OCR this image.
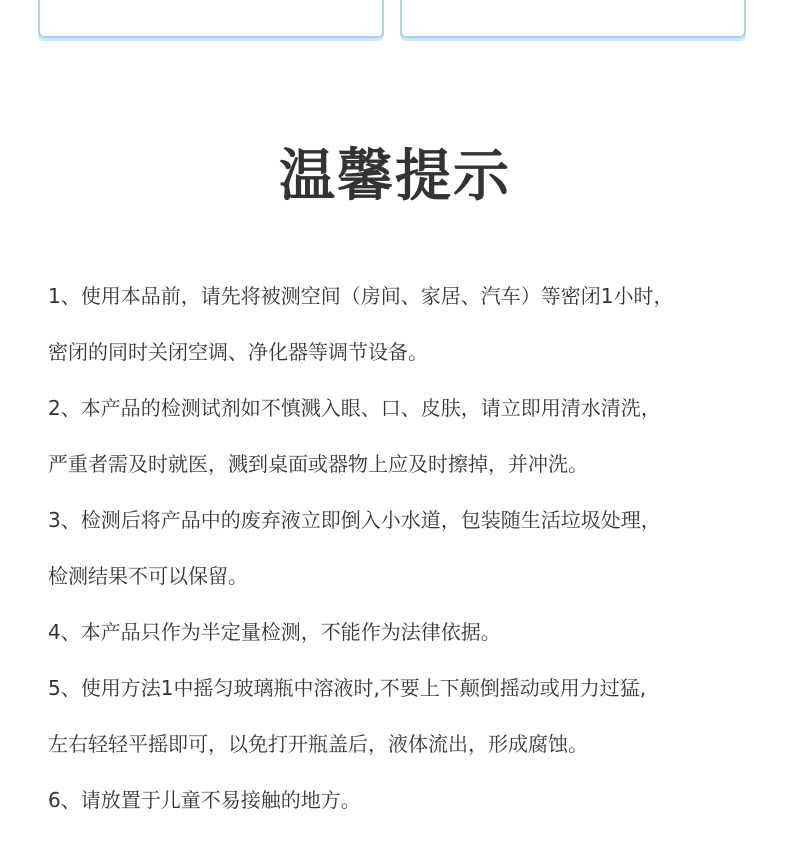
温馨提示
1、使用本品前，请先将被测空间（房间、家居、汽车）等密闭1小时，
密闭的同时关闭空调、净化器等调节设备。
2、本产品的检测试剂如不慎溅入眼、口、皮肤，请立即用清水清洗，
严重者需及时就医，溅到桌面或器物上应及时擦掉，并冲洗。
3、检测后将产品中的废弃液立即倒入小水道，包装随生活垃圾处理，
检测结果不可以保留。
4、本产品只作为半定量检测，不能作为法律依据。
5、使用方法1中摇匀玻璃瓶中溶液时,不要上下颠倒摇动或用力过猛,
左右轻轻平摇即可，以免打开瓶盖后，液体流出，形成腐蚀。
6、请放置于儿童不易接触的地方。
